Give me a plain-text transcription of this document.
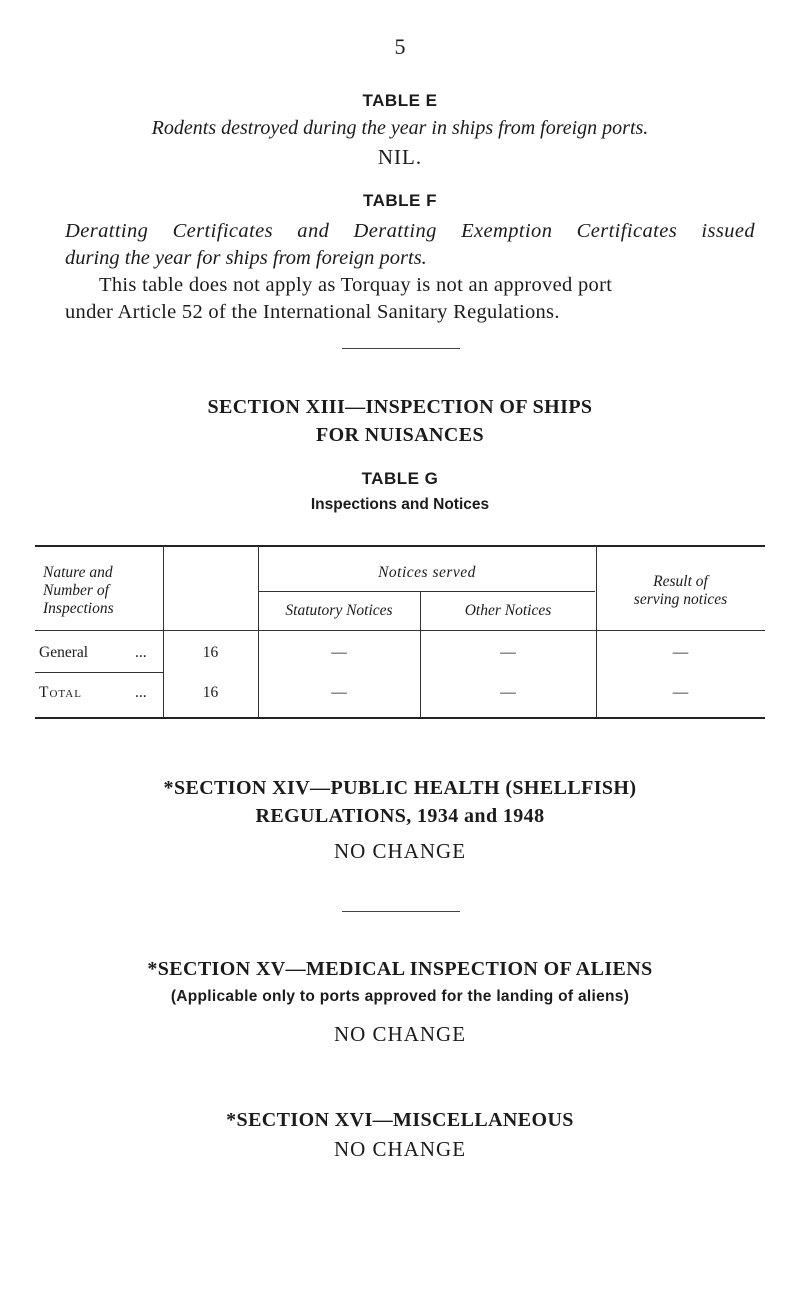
5
TABLE E
Rodents destroyed during the year in ships from foreign ports.
NIL.
TABLE F
Deratting Certificates and Deratting Exemption Certificates issued
during the year for ships from foreign ports.
This table does not apply as Torquay is not an approved port
under Article 52 of the International Sanitary Regulations.
SECTION XIII—INSPECTION OF SHIPS
FOR NUISANCES
TABLE G
Inspections and Notices
Nature and
Number of
Inspections
Notices served
Statutory Notices	Other Notices
Result of
serving notices
General	...	16	—	—	—
Total	...	16	—	—	—
*SECTION XIV—PUBLIC HEALTH (SHELLFISH)
REGULATIONS, 1934 and 1948
NO CHANGE
*SECTION XV—MEDICAL INSPECTION OF ALIENS
(Applicable only to ports approved for the landing of aliens)
NO CHANGE
*SECTION XVI—MISCELLANEOUS
NO CHANGE
